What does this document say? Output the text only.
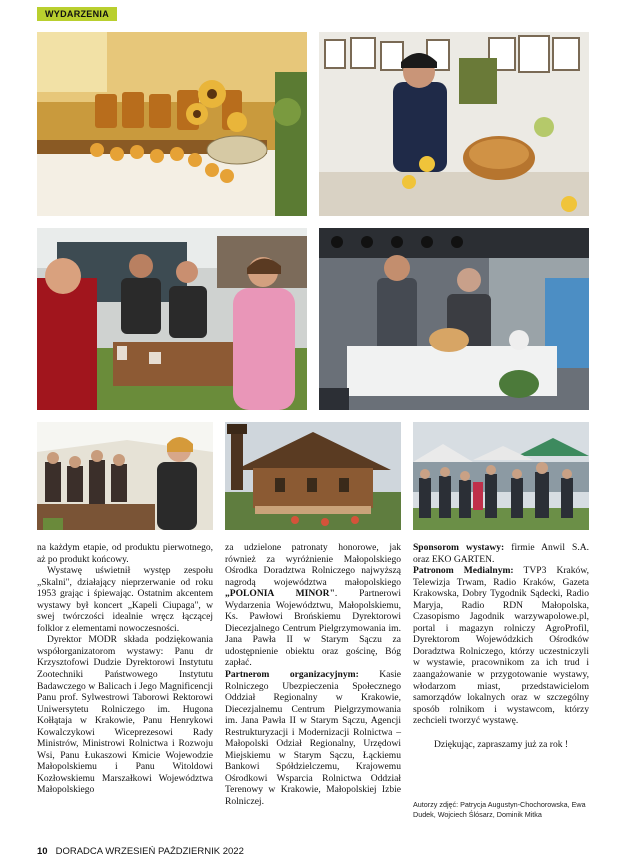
WYDARZENIA

na każdym etapie, od produktu pierwotnego, aż po produkt końcowy.

Wystawę uświetnił występ zespołu „Skalni", działający nieprzerwanie od roku 1953 grając i śpiewając. Ostatnim akcentem wystawy był koncert „Kapeli Ciupaga", w swej twórczości idealnie wręcz łączącej folklor z elementami nowoczesności.

Dyrektor MODR składa podziękowania współorganizatorom wystawy: Panu dr Krzysztofowi Dudzie Dyrektorowi Instytutu Zootechniki Państwowego Instytutu Badawczego w Balicach i Jego Magnificencji Panu prof. Sylwestrowi Taborowi Rektorowi Uniwersytetu Rolniczego im. Hugona Kołłątaja w Krakowie, Panu Henrykowi Kowalczykowi Wiceprezesowi Rady Ministrów, Ministrowi Rolnictwa i Rozwoju Wsi, Panu Łukaszowi Kmicie Wojewodzie Małopolskiemu i Panu Witoldowi Kozłowskiemu Marszałkowi Województwa Małopolskiego

za udzielone patronaty honorowe, jak również za wyróżnienie Małopolskiego Ośrodka Doradztwa Rolniczego najwyższą nagrodą województwa małopolskiego „POLONIA MINOR". Partnerowi Wydarzenia Województwu, Małopolskiemu, Ks. Pawłowi Brońskiemu Dyrektorowi Diecezjalnego Centrum Pielgrzymowania im. Jana Pawła II w Starym Sączu za udostępnienie obiektu oraz gościnę, Bóg zapłać.

Partnerom organizacyjnym: Kasie Rolniczego Ubezpieczenia Społecznego Oddział Regionalny w Krakowie, Diecezjalnemu Centrum Pielgrzymowania im. Jana Pawła II w Starym Sączu, Agencji Restrukturyzacji i Modernizacji Rolnictwa – Małopolski Odział Regionalny, Urzędowi Miejskiemu w Starym Sączu, Łąckiemu Bankowi Spółdzielczemu, Krajowemu Ośrodkowi Wsparcia Rolnictwa Oddział Terenowy w Krakowie, Małopolskiej Izbie Rolniczej.

Sponsorom wystawy: firmie Anwil S.A. oraz EKO GARTEN.

Patronom Medialnym: TVP3 Kraków, Telewizja Trwam, Radio Kraków, Gazeta Krakowska, Dobry Tygodnik Sądecki, Radio Maryja, Radio RDN Małopolska, Czasopismo Jagodnik warzywapolowe.pl, portal i magazyn rolniczy AgroProfil, Dyrektorom Wojewódzkich Ośrodków Doradztwa Rolniczego, którzy uczestniczyli w wystawie, pracownikom za ich trud i zaangażowanie w przygotowanie wystawy, włodarzom miast, przedstawicielom samorządów lokalnych oraz w szczególny sposób rolnikom i wystawcom, którzy zechcieli tworzyć wystawę.

Dziękując, zapraszamy już za rok !

Autorzy zdjęć: Patrycja Augustyn-Chochorowska, Ewa Dudek, Wojciech Ślósarz, Dominik Mitka
10 DORADCA WRZESIEŃ PAŹDZIERNIK 2022
